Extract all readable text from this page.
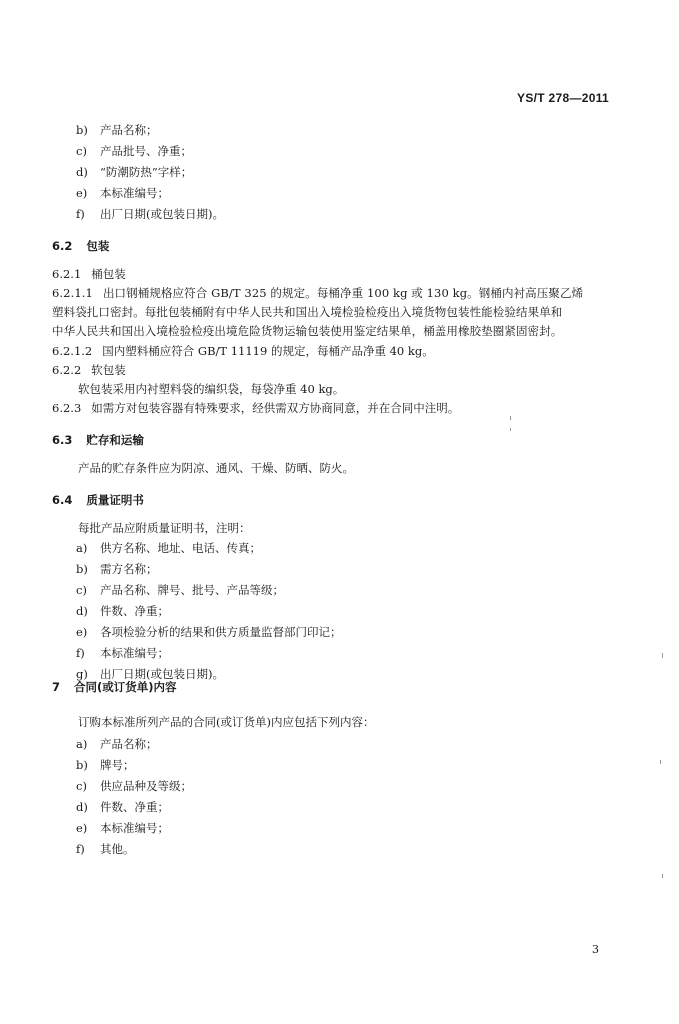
YS/T 278—2011
b) 产品名称；
c) 产品批号、净重；
d) “防潮防热”字样；
e) 本标准编号；
f) 出厂日期(或包装日期)。
6.2 包装
6.2.1 桶包装
6.2.1.1 出口钢桶规格应符合 GB/T 325 的规定。每桶净重 100 kg 或 130 kg。钢桶内衬高压聚乙烯
塑料袋扎口密封。每批包装桶附有中华人民共和国出入境检验检疫出入境货物包装性能检验结果单和
中华人民共和国出入境检验检疫出境危险货物运输包装使用鉴定结果单，桶盖用橡胶垫圈紧固密封。
6.2.1.2 国内塑料桶应符合 GB/T 11119 的规定，每桶产品净重 40 kg。
6.2.2 软包装
软包装采用内衬塑料袋的编织袋，每袋净重 40 kg。
6.2.3 如需方对包装容器有特殊要求，经供需双方协商同意，并在合同中注明。
6.3 贮存和运输
产品的贮存条件应为阴凉、通风、干燥、防晒、防火。
6.4 质量证明书
每批产品应附质量证明书，注明：
a) 供方名称、地址、电话、传真；
b) 需方名称；
c) 产品名称、牌号、批号、产品等级；
d) 件数、净重；
e) 各项检验分析的结果和供方质量监督部门印记；
f) 本标准编号；
g) 出厂日期(或包装日期)。
7 合同(或订货单)内容
订购本标准所列产品的合同(或订货单)内应包括下列内容：
a) 产品名称；
b) 牌号；
c) 供应品种及等级；
d) 件数、净重；
e) 本标准编号；
f) 其他。
3
